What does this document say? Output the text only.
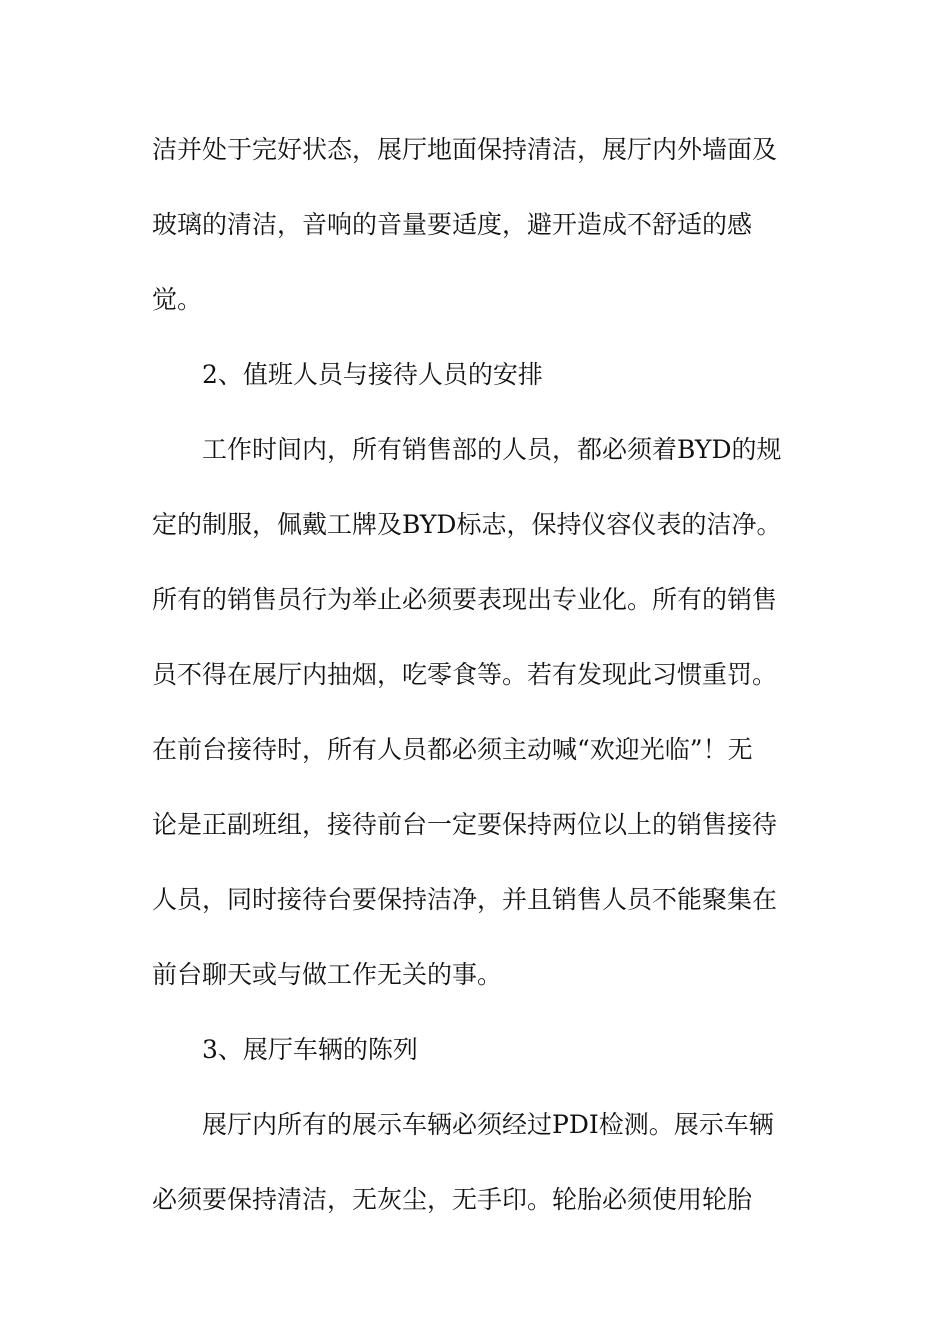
洁并处于完好状态，展厅地面保持清洁，展厅内外墙面及
玻璃的清洁，音响的音量要适度，避开造成不舒适的感
觉。
2、值班人员与接待人员的安排
工作时间内，所有销售部的人员，都必须着BYD的规
定的制服，佩戴工牌及BYD标志，保持仪容仪表的洁净。
所有的销售员行为举止必须要表现出专业化。所有的销售
员不得在展厅内抽烟，吃零食等。若有发现此习惯重罚。
在前台接待时，所有人员都必须主动喊“欢迎光临”！无
论是正副班组，接待前台一定要保持两位以上的销售接待
人员，同时接待台要保持洁净，并且销售人员不能聚集在
前台聊天或与做工作无关的事。
3、展厅车辆的陈列
展厅内所有的展示车辆必须经过PDI检测。展示车辆
必须要保持清洁，无灰尘，无手印。轮胎必须使用轮胎
